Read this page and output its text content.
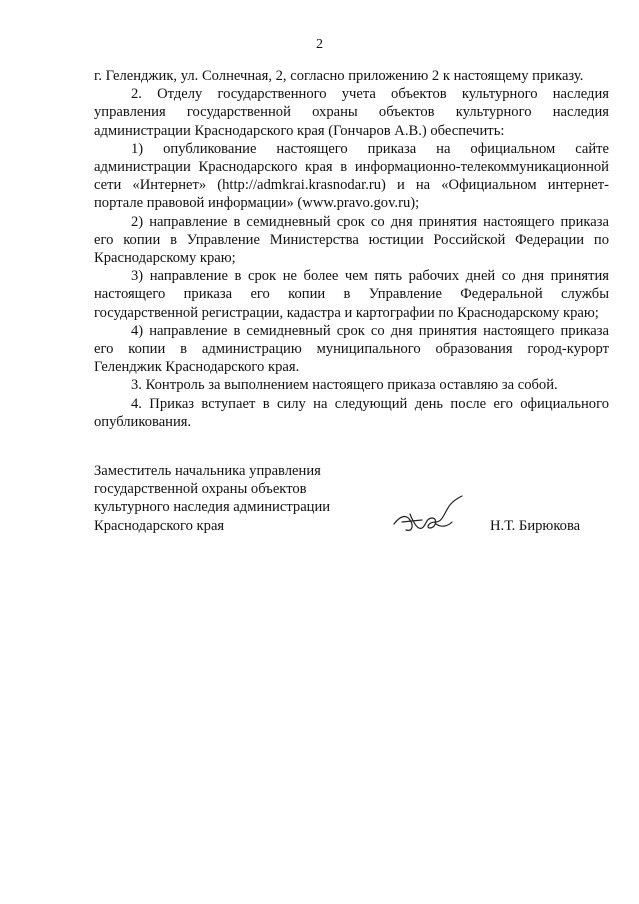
2

г. Геленджик, ул. Солнечная, 2, согласно приложению 2 к настоящему приказу.

2. Отделу государственного учета объектов культурного наследия управления государственной охраны объектов культурного наследия администрации Краснодарского края (Гончаров А.В.) обеспечить:

1) опубликование настоящего приказа на официальном сайте администрации Краснодарского края в информационно-телекоммуникационной сети «Интернет» (http://admkrai.krasnodar.ru) и на «Официальном интернет-портале правовой информации» (www.pravo.gov.ru);

2) направление в семидневный срок со дня принятия настоящего приказа его копии в Управление Министерства юстиции Российской Федерации по Краснодарскому краю;

3) направление в срок не более чем пять рабочих дней со дня принятия настоящего приказа его копии в Управление Федеральной службы государственной регистрации, кадастра и картографии по Краснодарскому краю;

4) направление в семидневный срок со дня принятия настоящего приказа его копии в администрацию муниципального образования город-курорт Геленджик Краснодарского края.

3. Контроль за выполнением настоящего приказа оставляю за собой.

4. Приказ вступает в силу на следующий день после его официального опубликования.

Заместитель начальника управления
государственной охраны объектов
культурного наследия администрации
Краснодарского края	Н.Т. Бирюкова
